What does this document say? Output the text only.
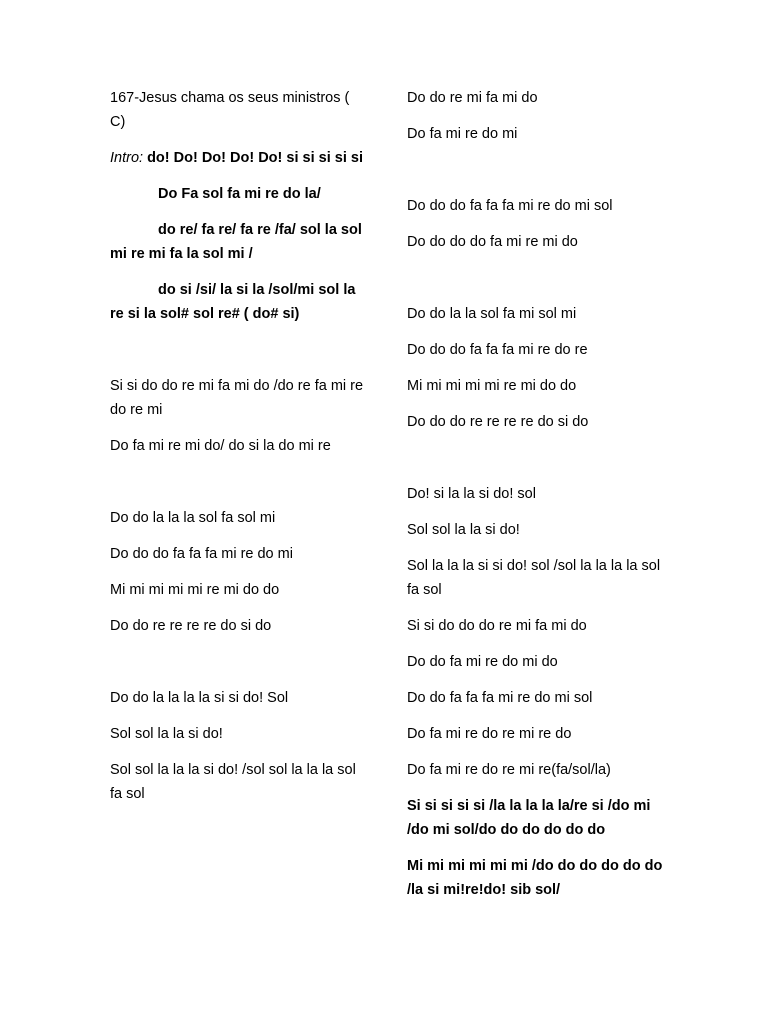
167-Jesus chama os seus ministros ( C)

Intro: do! Do! Do! Do! Do! si si si si si

Do Fa sol fa mi re do la/

do re/ fa re/ fa re /fa/ sol la sol mi re mi fa la sol mi /

do si /si/ la si la /sol/mi sol la re si la sol# sol re# ( do# si)

Si si do do re mi fa mi do /do re fa mi re do re mi

Do fa mi re mi do/ do si la do mi re

Do do la la la sol fa sol mi

Do do do fa fa fa mi re do mi

Mi mi mi mi mi re mi do do

Do do re re re re do si do

Do do la la la la si si do! Sol

Sol sol la la si do!

Sol sol la la la si do! /sol sol la la la sol fa sol

Do do re mi fa mi do

Do fa mi re do mi

Do do do fa fa fa mi re do mi sol

Do do do do fa mi re mi do

Do do la la sol fa mi sol mi

Do do do fa fa fa mi re do re

Mi mi mi mi mi re mi do do

Do do do re re re re do si do

Do! si la la si do! sol

Sol sol la la si do!

Sol la la la si si do! sol /sol la la la la sol fa sol

Si si do do do re mi fa mi do

Do do fa mi re do mi do

Do do fa fa fa mi re do mi sol

Do fa mi re do re mi re do

Do fa mi re do re mi re(fa/sol/la)

Si si si si si /la la la la la/re si /do mi /do mi sol/do do do do do do

Mi mi mi mi mi mi /do do do do do do /la si mi!re!do! sib sol/
